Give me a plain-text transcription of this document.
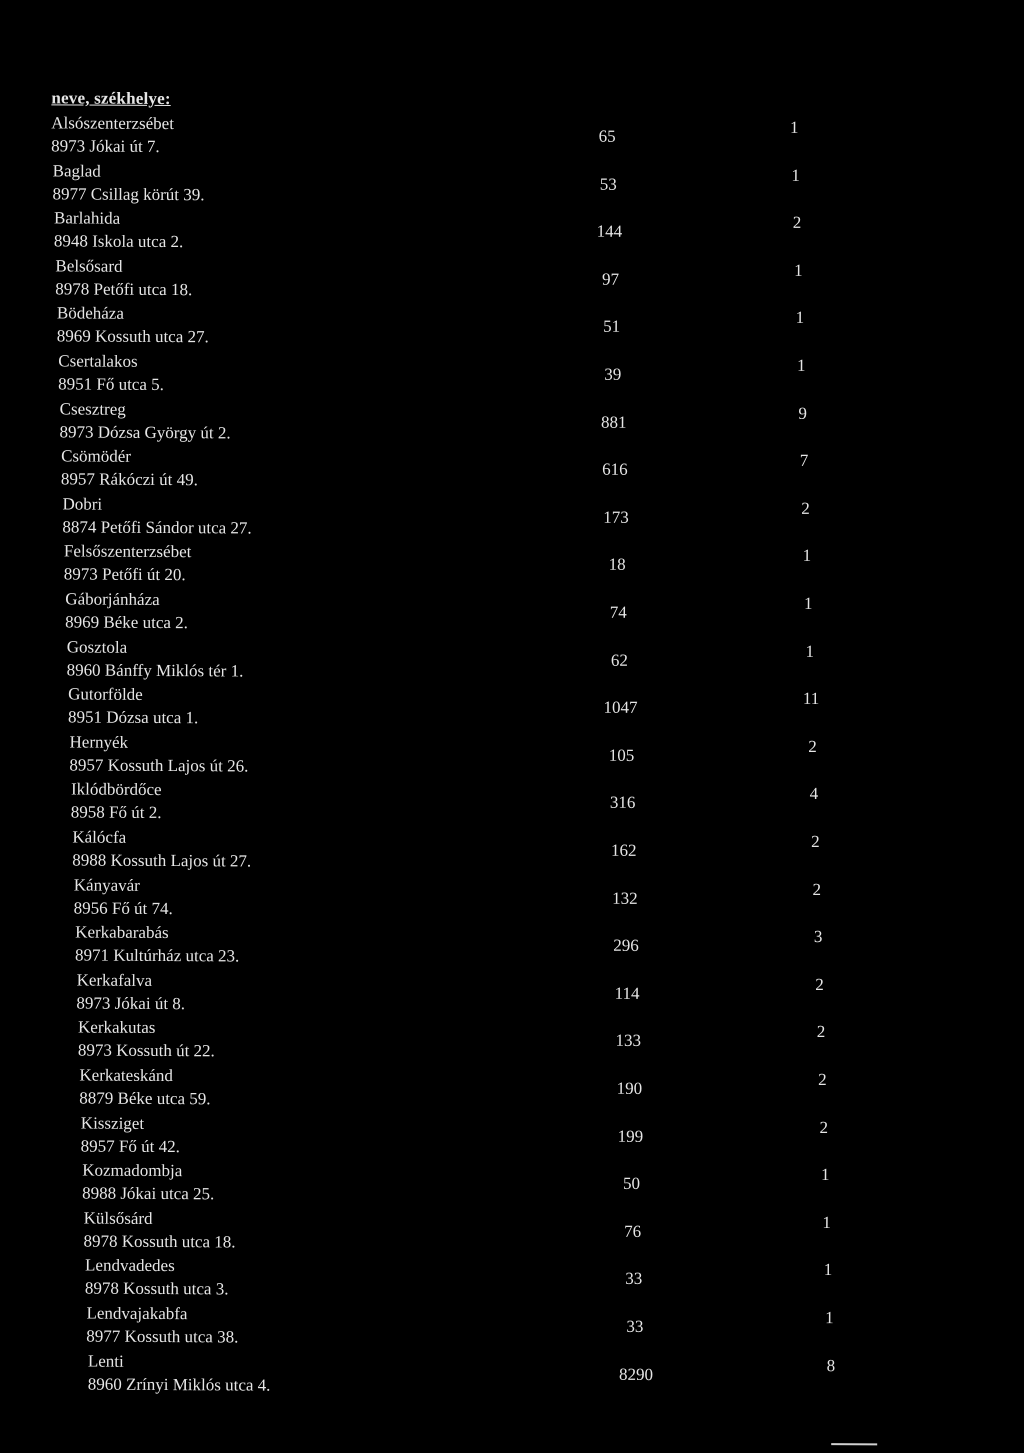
neve, székhelye:
Alsószenterzsébet
8973 Jókai út 7.
65	1
Baglad
8977 Csillag körút 39.
53	1
Barlahida
8948 Iskola utca 2.
144	2
Belsősard
8978 Petőfi utca 18.
97	1
Bödeháza
8969 Kossuth utca 27.
51	1
Csertalakos
8951 Fő utca 5.
39	1
Csesztreg
8973 Dózsa György út 2.
881	9
Csömödér
8957 Rákóczi út 49.
616	7
Dobri
8874 Petőfi Sándor utca 27.
173	2
Felsőszenterzsébet
8973 Petőfi út 20.
18	1
Gáborjánháza
8969 Béke utca 2.
74	1
Gosztola
8960 Bánffy Miklós tér 1.
62	1
Gutorfölde
8951 Dózsa utca 1.
1047	11
Hernyék
8957 Kossuth Lajos út 26.
105	2
Iklódbördőce
8958 Fő út 2.
316	4
Kálócfa
8988 Kossuth Lajos út 27.
162	2
Kányavár
8956 Fő út 74.
132	2
Kerkabarabás
8971 Kultúrház utca 23.
296	3
Kerkafalva
8973 Jókai út 8.
114	2
Kerkakutas
8973 Kossuth út 22.
133	2
Kerkateskánd
8879 Béke utca 59.
190	2
Kissziget
8957 Fő út 42.
199	2
Kozmadombja
8988 Jókai utca 25.
50	1
Külsősárd
8978 Kossuth utca 18.
76	1
Lendvadedes
8978 Kossuth utca 3.
33	1
Lendvajakabfa
8977 Kossuth utca 38.
33	1
Lenti
8960 Zrínyi Miklós utca 4.
8290	8
